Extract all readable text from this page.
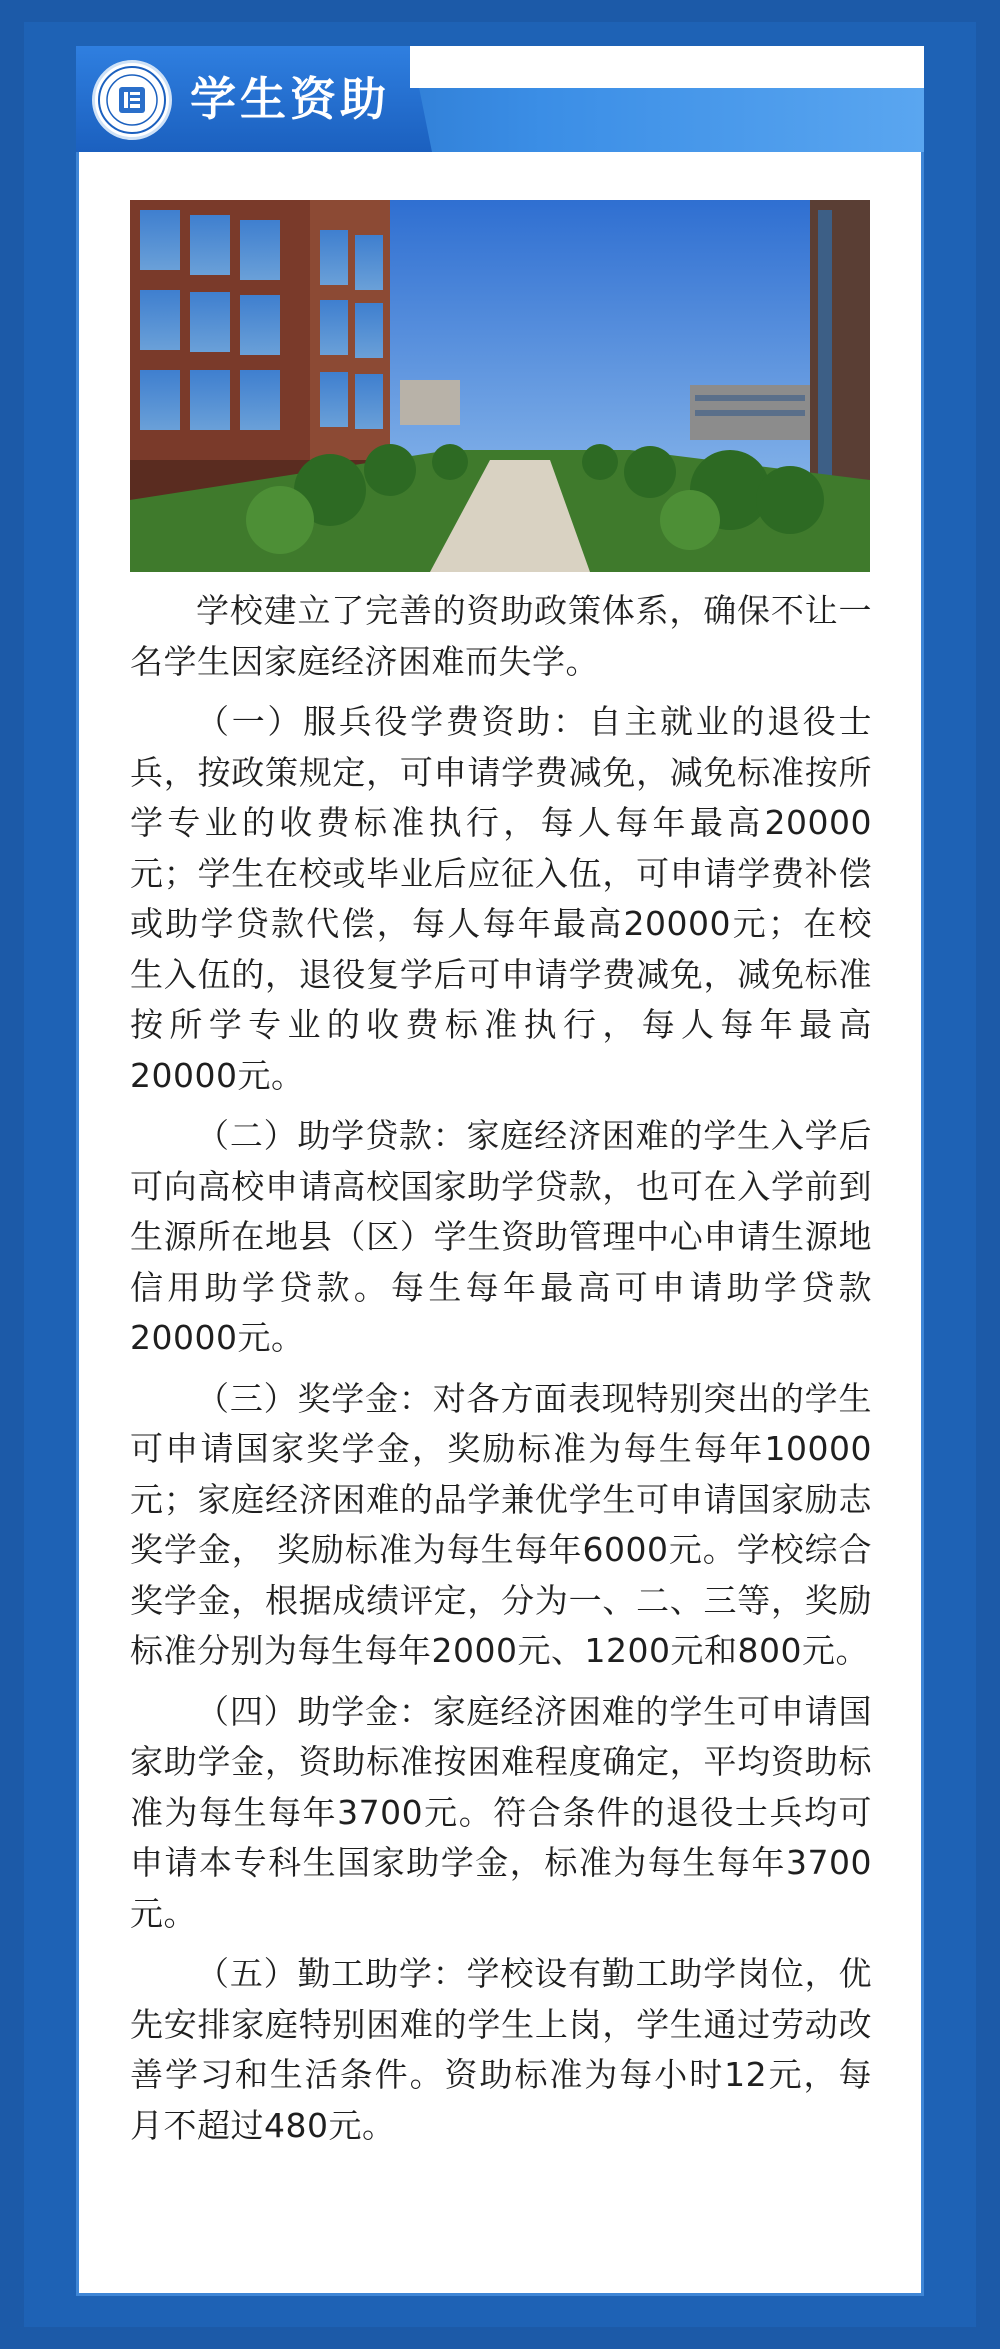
学生资助

学校建立了完善的资助政策体系，确保不让一名学生因家庭经济困难而失学。

（一）服兵役学费资助：自主就业的退役士兵，按政策规定，可申请学费减免，减免标准按所学专业的收费标准执行，每人每年最高20000元；学生在校或毕业后应征入伍，可申请学费补偿或助学贷款代偿，每人每年最高20000元；在校生入伍的，退役复学后可申请学费减免，减免标准按所学专业的收费标准执行，每人每年最高20000元。

（二）助学贷款：家庭经济困难的学生入学后可向高校申请高校国家助学贷款，也可在入学前到生源所在地县（区）学生资助管理中心申请生源地信用助学贷款。每生每年最高可申请助学贷款20000元。

（三）奖学金：对各方面表现特别突出的学生可申请国家奖学金，奖励标准为每生每年10000元；家庭经济困难的品学兼优学生可申请国家励志奖学金， 奖励标准为每生每年6000元。学校综合奖学金，根据成绩评定，分为一、二、三等，奖励标准分别为每生每年2000元、1200元和800元。

（四）助学金：家庭经济困难的学生可申请国家助学金，资助标准按困难程度确定，平均资助标准为每生每年3700元。符合条件的退役士兵均可申请本专科生国家助学金，标准为每生每年3700元。

（五）勤工助学：学校设有勤工助学岗位，优先安排家庭特别困难的学生上岗，学生通过劳动改善学习和生活条件。资助标准为每小时12元，每月不超过480元。
